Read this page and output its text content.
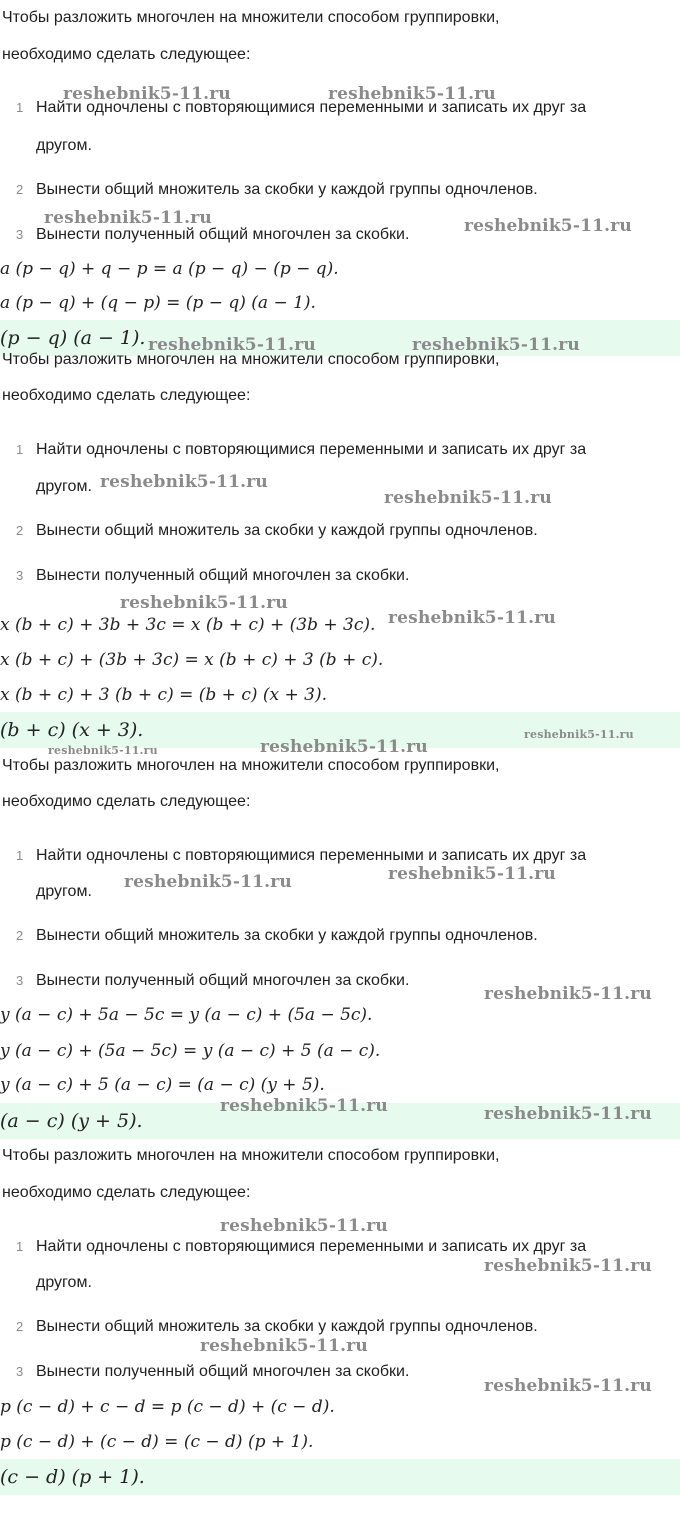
Чтобы разложить многочлен на множители способом группировки,
необходимо сделать следующее:
1 Найти одночлены с повторяющимися переменными и записать их друг за
другом.
2 Вынести общий множитель за скобки у каждой группы одночленов.
3 Вынести полученный общий многочлен за скобки.
a (p − q) + q − p = a (p − q) − (p − q).
a (p − q) + (q − p) = (p − q) (a − 1).
(p − q) (a − 1).
Чтобы разложить многочлен на множители способом группировки,
необходимо сделать следующее:
1 Найти одночлены с повторяющимися переменными и записать их друг за
другом.
2 Вынести общий множитель за скобки у каждой группы одночленов.
3 Вынести полученный общий многочлен за скобки.
x (b + c) + 3b + 3c = x (b + c) + (3b + 3c).
x (b + c) + (3b + 3c) = x (b + c) + 3 (b + c).
x (b + c) + 3 (b + c) = (b + c) (x + 3).
(b + c) (x + 3).
Чтобы разложить многочлен на множители способом группировки,
необходимо сделать следующее:
1 Найти одночлены с повторяющимися переменными и записать их друг за
другом.
2 Вынести общий множитель за скобки у каждой группы одночленов.
3 Вынести полученный общий многочлен за скобки.
y (a − c) + 5a − 5c = y (a − c) + (5a − 5c).
y (a − c) + (5a − 5c) = y (a − c) + 5 (a − c).
y (a − c) + 5 (a − c) = (a − c) (y + 5).
(a − c) (y + 5).
Чтобы разложить многочлен на множители способом группировки,
необходимо сделать следующее:
1 Найти одночлены с повторяющимися переменными и записать их друг за
другом.
2 Вынести общий множитель за скобки у каждой группы одночленов.
3 Вынести полученный общий многочлен за скобки.
p (c − d) + c − d = p (c − d) + (c − d).
p (c − d) + (c − d) = (c − d) (p + 1).
(c − d) (p + 1).
reshebnik5-11.ru	reshebnik5-11.ru
reshebnik5-11.ru	reshebnik5-11.ru
reshebnik5-11.ru	reshebnik5-11.ru
reshebnik5-11.ru
reshebnik5-11.ru
reshebnik5-11.ru
reshebnik5-11.ru
reshebnik5-11.ru
reshebnik5-11.ru	reshebnik5-11.ru
reshebnik5-11.ru	reshebnik5-11.ru
reshebnik5-11.ru
reshebnik5-11.ru	reshebnik5-11.ru
reshebnik5-11.ru
reshebnik5-11.ru
reshebnik5-11.ru
reshebnik5-11.ru
